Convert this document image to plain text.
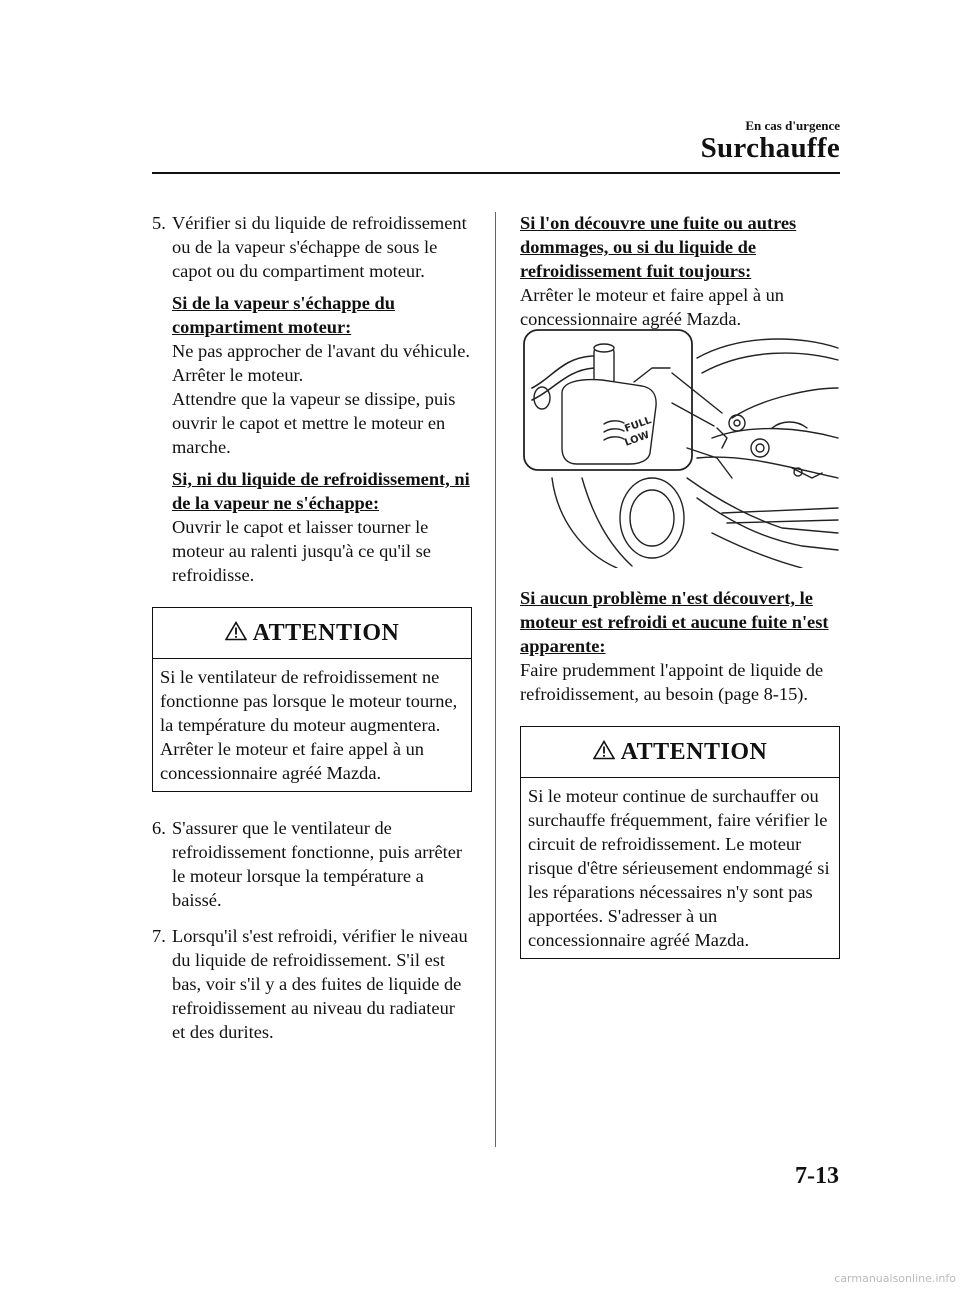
En cas d'urgence
Surchauffe
5. Vérifier si du liquide de refroidissement ou de la vapeur s'échappe de sous le capot ou du compartiment moteur.

Si de la vapeur s'échappe du compartiment moteur:

Ne pas approcher de l'avant du véhicule. Arrêter le moteur.

Attendre que la vapeur se dissipe, puis ouvrir le capot et mettre le moteur en marche.

Si, ni du liquide de refroidissement, ni de la vapeur ne s'échappe:

Ouvrir le capot et laisser tourner le moteur au ralenti jusqu'à ce qu'il se refroidisse.

ATTENTION
Si le ventilateur de refroidissement ne fonctionne pas lorsque le moteur tourne, la température du moteur augmentera. Arrêter le moteur et faire appel à un concessionnaire agréé Mazda.
6. S'assurer que le ventilateur de refroidissement fonctionne, puis arrêter le moteur lorsque la température a baissé.

7. Lorsqu'il s'est refroidi, vérifier le niveau du liquide de refroidissement. S'il est bas, voir s'il y a des fuites de liquide de refroidissement au niveau du radiateur et des durites.

Si l'on découvre une fuite ou autres dommages, ou si du liquide de refroidissement fuit toujours:

Arrêter le moteur et faire appel à un concessionnaire agréé Mazda.

Si aucun problème n'est découvert, le moteur est refroidi et aucune fuite n'est apparente:

Faire prudemment l'appoint de liquide de refroidissement, au besoin (page 8-15).

ATTENTION
Si le moteur continue de surchauffer ou surchauffe fréquemment, faire vérifier le circuit de refroidissement. Le moteur risque d'être sérieusement endommagé si les réparations nécessaires n'y sont pas apportées. S'adresser à un concessionnaire agréé Mazda.
FULL
LOW
7-13
carmanualsonline.info
